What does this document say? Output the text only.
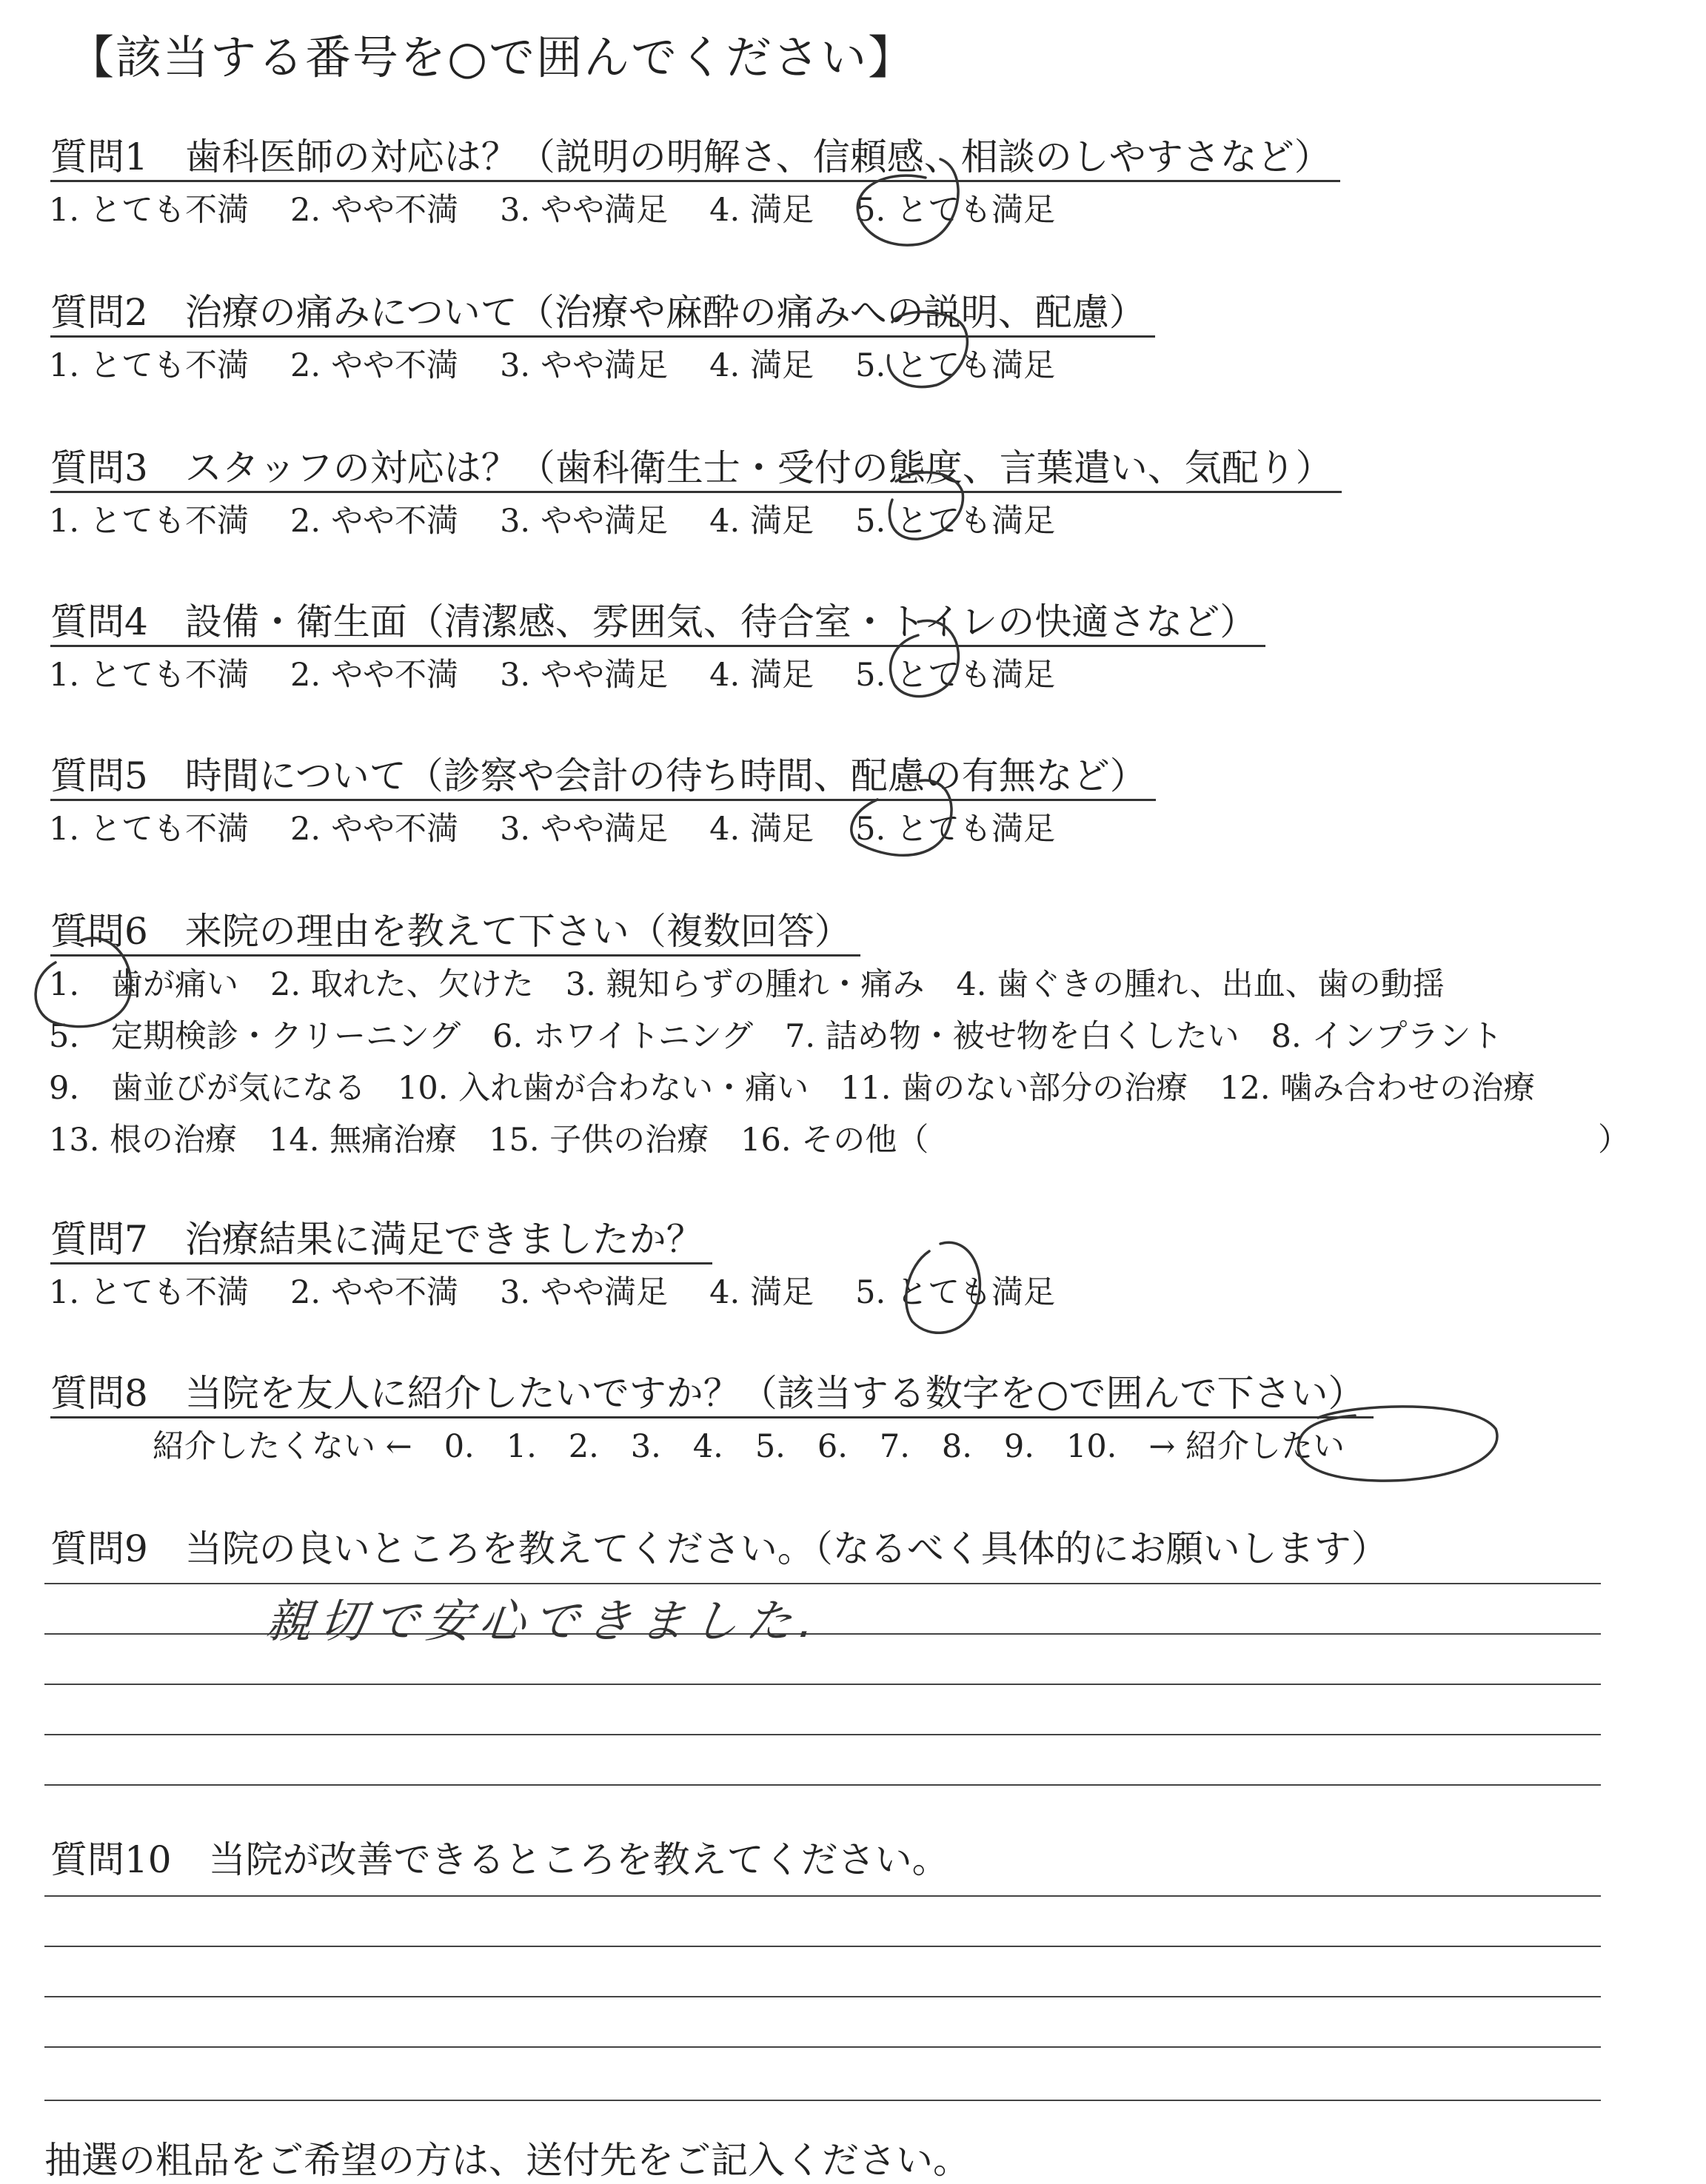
【該当する番号を○で囲んでください】
質問1　歯科医師の対応は？（説明の明解さ、信頼感、相談のしやすさなど）
1. とても不満 2. やや不満 3. やや満足 4. 満足 5. とても満足
質問2　治療の痛みについて（治療や麻酔の痛みへの説明、配慮）
1. とても不満 2. やや不満 3. やや満足 4. 満足 5. とても満足
質問3　スタッフの対応は？（歯科衛生士・受付の態度、言葉遣い、気配り）
1. とても不満 2. やや不満 3. やや満足 4. 満足 5. とても満足
質問4　設備・衛生面（清潔感、雰囲気、待合室・トイレの快適さなど）
1. とても不満 2. やや不満 3. やや満足 4. 満足 5. とても満足
質問5　時間について（診察や会計の待ち時間、配慮の有無など）
1. とても不満 2. やや不満 3. やや満足 4. 満足 5. とても満足
質問6　来院の理由を教えて下さい（複数回答）
1.　歯が痛い　2. 取れた、欠けた　3. 親知らずの腫れ・痛み　4. 歯ぐきの腫れ、出血、歯の動揺
5.　定期検診・クリーニング　6. ホワイトニング　7. 詰め物・被せ物を白くしたい　8. インプラント
9.　歯並びが気になる　10. 入れ歯が合わない・痛い　11. 歯のない部分の治療　12. 噛み合わせの治療
13. 根の治療　14. 無痛治療　15. 子供の治療　16. その他（	）
質問7　治療結果に満足できましたか？
1. とても不満 2. やや不満 3. やや満足 4. 満足 5. とても満足
質問8　当院を友人に紹介したいですか？（該当する数字を○で囲んで下さい）
紹介したくない ←　0.　1.　2.　3.　4.　5.　6.　7.　8.　9.　10.　→ 紹介したい
質問9　当院の良いところを教えてください。（なるべく具体的にお願いします）
親切で安心できました.
質問10　当院が改善できるところを教えてください。
抽選の粗品をご希望の方は、送付先をご記入ください。
